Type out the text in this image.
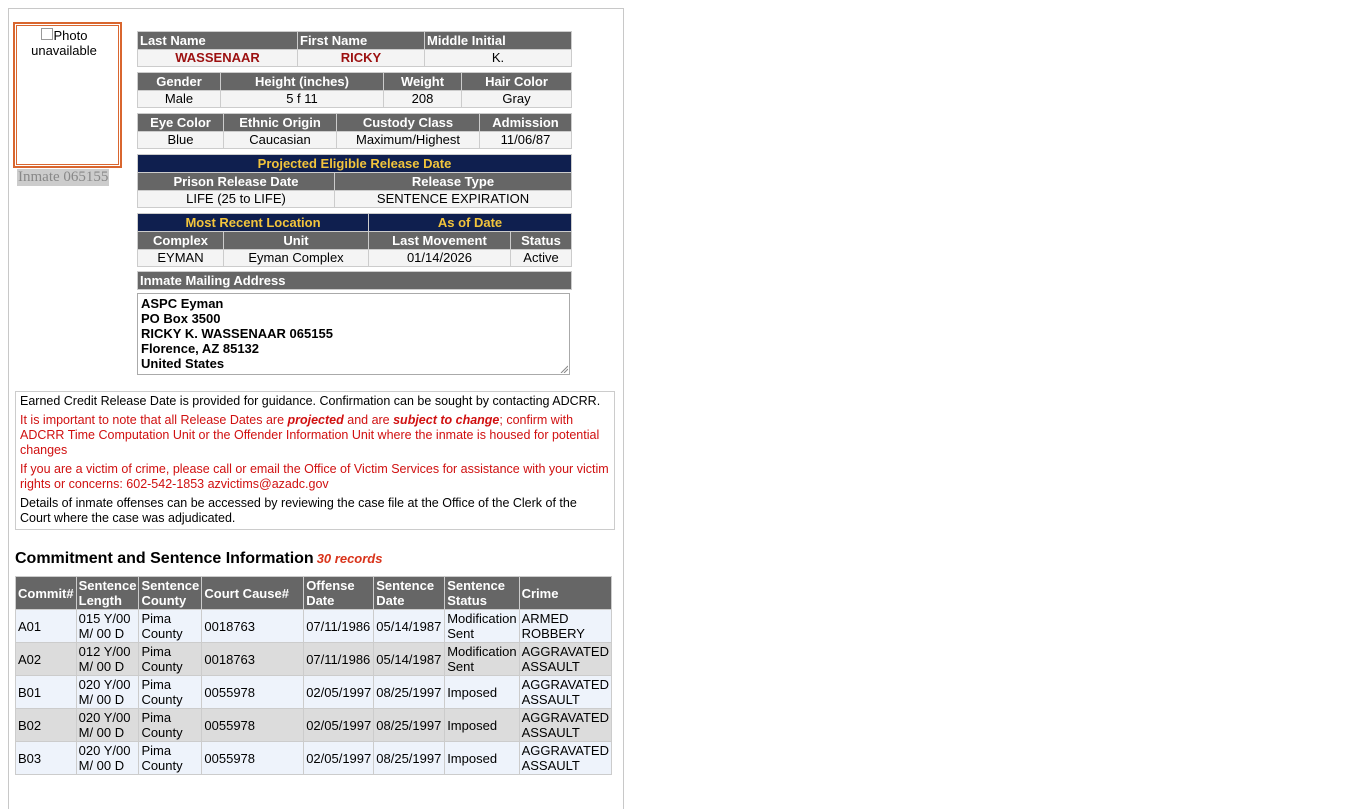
Photo unavailable
Inmate 065155
Last Name	First Name	Middle Initial
WASSENAAR	RICKY	K.
Gender	Height (inches)	Weight	Hair Color
Male	5 f 11	208	Gray
Eye Color	Ethnic Origin	Custody Class	Admission
Blue	Caucasian	Maximum/Highest	11/06/87
Projected Eligible Release Date	
Prison Release Date	Release Type
LIFE (25 to LIFE)	SENTENCE EXPIRATION
Most Recent Location		As of Date	
Complex	Unit	Last Movement	Status
EYMAN	Eyman Complex	01/14/2026	Active
Inmate Mailing Address
ASPC Eyman
PO Box 3500
RICKY K. WASSENAAR 065155
Florence, AZ 85132
United States

Earned Credit Release Date is provided for guidance. Confirmation can be sought by contacting ADCRR.

It is important to note that all Release Dates are projected and are subject to change; confirm with ADCRR Time Computation Unit or the Offender Information Unit where the inmate is housed for potential changes

If you are a victim of crime, please call or email the Office of Victim Services for assistance with your victim rights or concerns: 602-542-1853 azvictims@azadc.gov

Details of inmate offenses can be accessed by reviewing the case file at the Office of the Clerk of the Court where the case was adjudicated.

Commitment and Sentence Information 30 records
Commit#	Sentence Length	Sentence County	Court Cause#	Offense Date	Sentence Date	Sentence Status	Crime
A01	015 Y/00 M/ 00 D	Pima County	0018763	07/11/1986	05/14/1987	Modification Sent	ARMED ROBBERY
A02	012 Y/00 M/ 00 D	Pima County	0018763	07/11/1986	05/14/1987	Modification Sent	AGGRAVATED ASSAULT
B01	020 Y/00 M/ 00 D	Pima County	0055978	02/05/1997	08/25/1997	Imposed	AGGRAVATED ASSAULT
B02	020 Y/00 M/ 00 D	Pima County	0055978	02/05/1997	08/25/1997	Imposed	AGGRAVATED ASSAULT
B03	020 Y/00 M/ 00 D	Pima County	0055978	02/05/1997	08/25/1997	Imposed	AGGRAVATED ASSAULT
